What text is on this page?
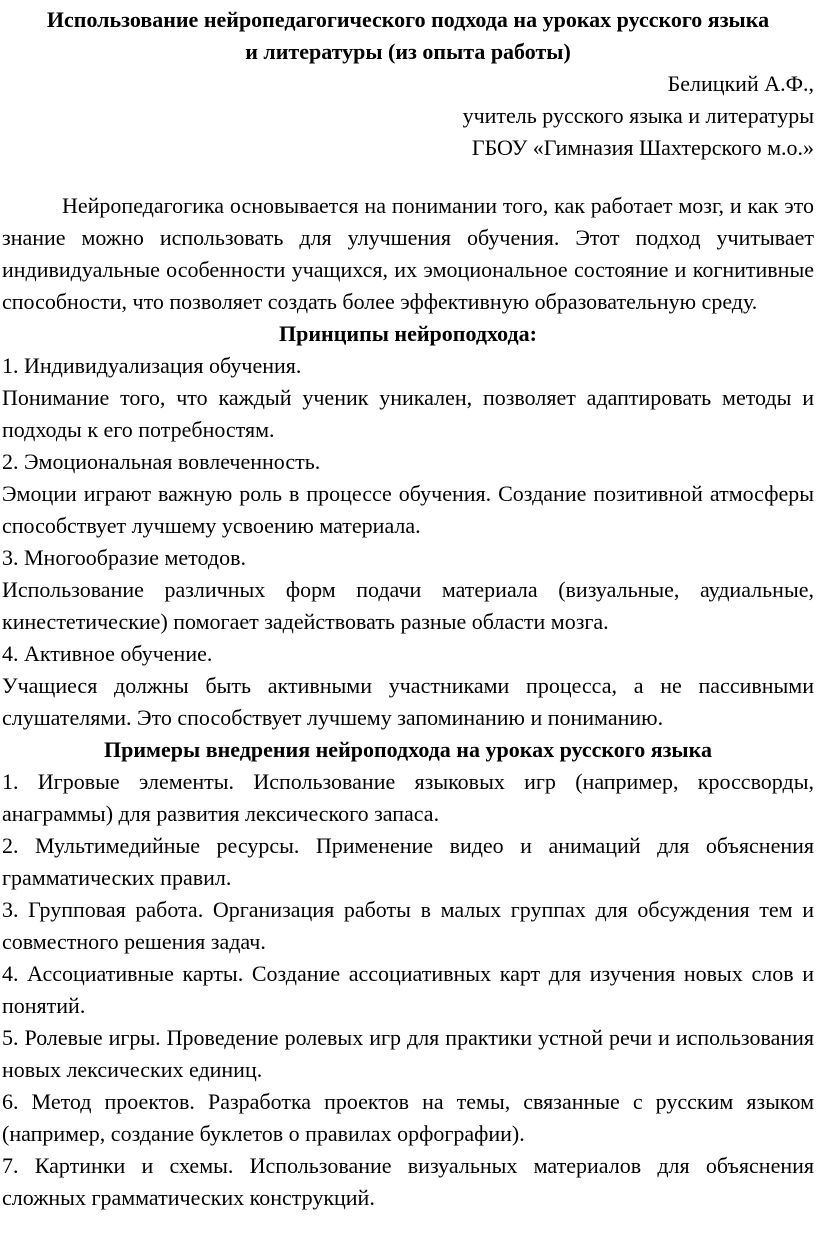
Использование нейропедагогического подхода на уроках русского языка
и литературы (из опыта работы)
Белицкий А.Ф.,
учитель русского языка и литературы
ГБОУ «Гимназия Шахтерского м.о.»

Нейропедагогика основывается на понимании того, как работает мозг, и как это знание можно использовать для улучшения обучения. Этот подход учитывает индивидуальные особенности учащихся, их эмоциональное состояние и когнитивные способности, что позволяет создать более эффективную образовательную среду.

Принципы нейроподхода:

1. Индивидуализация обучения.

Понимание того, что каждый ученик уникален, позволяет адаптировать методы и подходы к его потребностям.

2. Эмоциональная вовлеченность.

Эмоции играют важную роль в процессе обучения. Создание позитивной атмосферы способствует лучшему усвоению материала.

3. Многообразие методов.

Использование различных форм подачи материала (визуальные, аудиальные, кинестетические) помогает задействовать разные области мозга.

4. Активное обучение.

Учащиеся должны быть активными участниками процесса, а не пассивными слушателями. Это способствует лучшему запоминанию и пониманию.

Примеры внедрения нейроподхода на уроках русского языка

1. Игровые элементы. Использование языковых игр (например, кроссворды, анаграммы) для развития лексического запаса.

2. Мультимедийные ресурсы. Применение видео и анимаций для объяснения грамматических правил.

3. Групповая работа. Организация работы в малых группах для обсуждения тем и совместного решения задач.

4. Ассоциативные карты. Создание ассоциативных карт для изучения новых слов и понятий.

5. Ролевые игры. Проведение ролевых игр для практики устной речи и использования новых лексических единиц.

6. Метод проектов. Разработка проектов на темы, связанные с русским языком (например, создание буклетов о правилах орфографии).

7. Картинки и схемы. Использование визуальных материалов для объяснения сложных грамматических конструкций.
